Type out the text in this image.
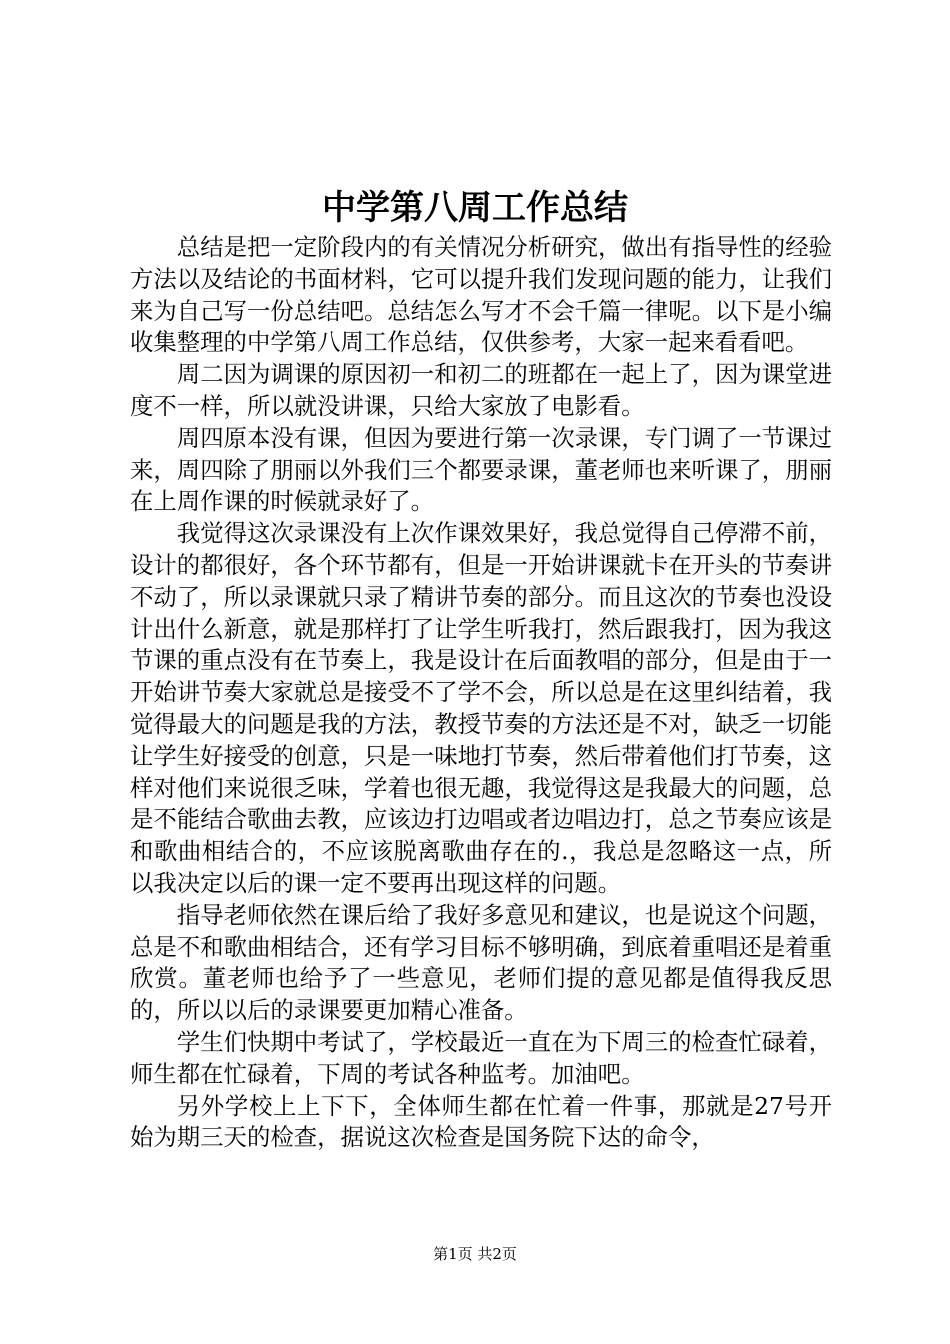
中学第八周工作总结

总结是把一定阶段内的有关情况分析研究，做出有指导性的经验方法以及结论的书面材料，它可以提升我们发现问题的能力，让我们来为自己写一份总结吧。总结怎么写才不会千篇一律呢。以下是小编收集整理的中学第八周工作总结，仅供参考，大家一起来看看吧。

周二因为调课的原因初一和初二的班都在一起上了，因为课堂进度不一样，所以就没讲课，只给大家放了电影看。

周四原本没有课，但因为要进行第一次录课，专门调了一节课过来，周四除了朋丽以外我们三个都要录课，董老师也来听课了，朋丽在上周作课的时候就录好了。

我觉得这次录课没有上次作课效果好，我总觉得自己停滞不前，设计的都很好，各个环节都有，但是一开始讲课就卡在开头的节奏讲不动了，所以录课就只录了精讲节奏的部分。而且这次的节奏也没设计出什么新意，就是那样打了让学生听我打，然后跟我打，因为我这节课的重点没有在节奏上，我是设计在后面教唱的部分，但是由于一开始讲节奏大家就总是接受不了学不会，所以总是在这里纠结着，我觉得最大的问题是我的方法，教授节奏的方法还是不对，缺乏一切能让学生好接受的创意，只是一味地打节奏，然后带着他们打节奏，这样对他们来说很乏味，学着也很无趣，我觉得这是我最大的问题，总是不能结合歌曲去教，应该边打边唱或者边唱边打，总之节奏应该是和歌曲相结合的，不应该脱离歌曲存在的.，我总是忽略这一点，所以我决定以后的课一定不要再出现这样的问题。

指导老师依然在课后给了我好多意见和建议，也是说这个问题，总是不和歌曲相结合，还有学习目标不够明确，到底着重唱还是着重欣赏。董老师也给予了一些意见，老师们提的意见都是值得我反思的，所以以后的录课要更加精心准备。

学生们快期中考试了，学校最近一直在为下周三的检查忙碌着，师生都在忙碌着，下周的考试各种监考。加油吧。

另外学校上上下下，全体师生都在忙着一件事，那就是27号开始为期三天的检查，据说这次检查是国务院下达的命令，

第1页 共2页
